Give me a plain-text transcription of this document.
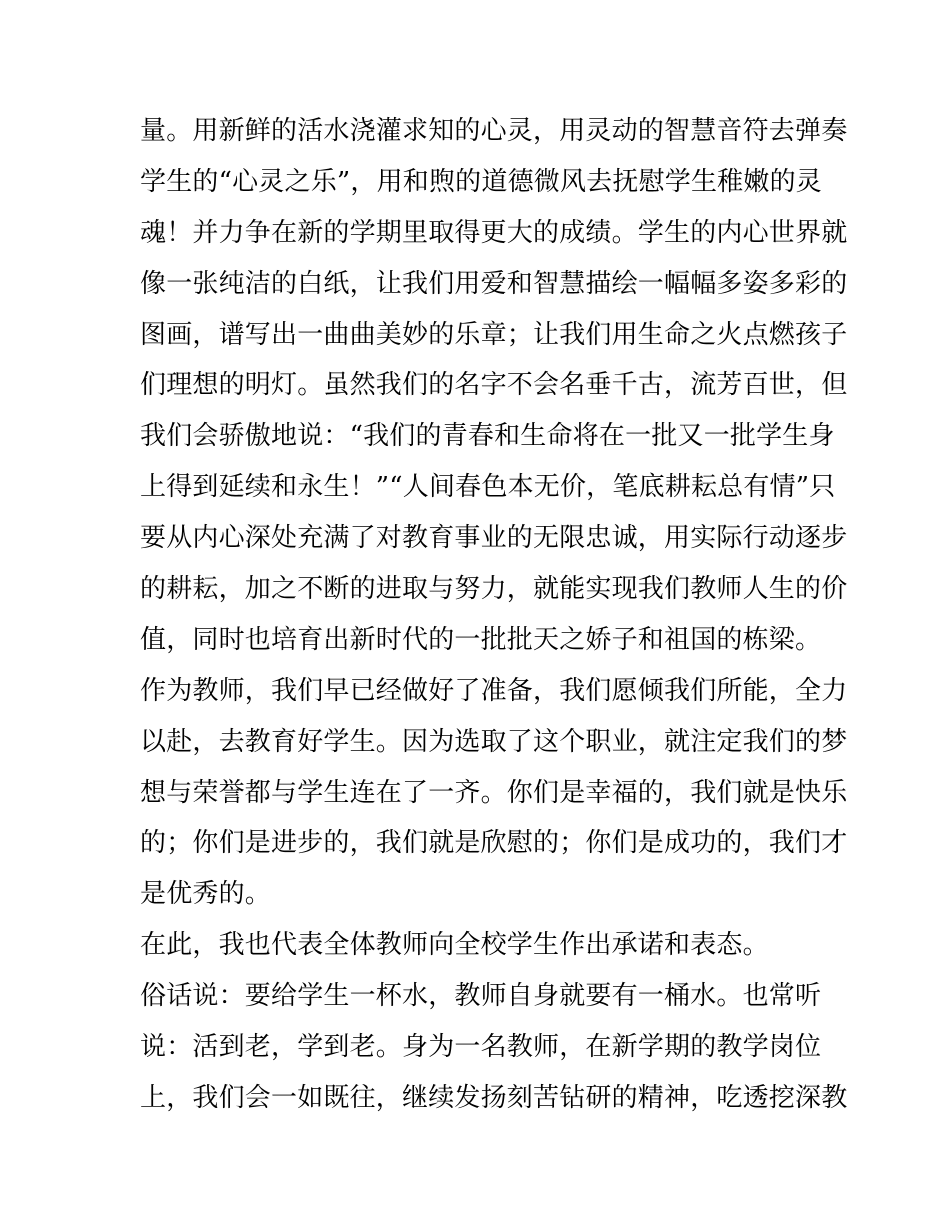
量。用新鲜的活水浇灌求知的心灵，用灵动的智慧音符去弹奏
学生的“心灵之乐”，用和煦的道德微风去抚慰学生稚嫩的灵
魂！并力争在新的学期里取得更大的成绩。学生的内心世界就
像一张纯洁的白纸，让我们用爱和智慧描绘一幅幅多姿多彩的
图画，谱写出一曲曲美妙的乐章；让我们用生命之火点燃孩子
们理想的明灯。虽然我们的名字不会名垂千古，流芳百世，但
我们会骄傲地说：“我们的青春和生命将在一批又一批学生身
上得到延续和永生！”“人间春色本无价，笔底耕耘总有情”只
要从内心深处充满了对教育事业的无限忠诚，用实际行动逐步
的耕耘，加之不断的进取与努力，就能实现我们教师人生的价
值，同时也培育出新时代的一批批天之娇子和祖国的栋梁。
作为教师，我们早已经做好了准备，我们愿倾我们所能，全力
以赴，去教育好学生。因为选取了这个职业，就注定我们的梦
想与荣誉都与学生连在了一齐。你们是幸福的，我们就是快乐
的；你们是进步的，我们就是欣慰的；你们是成功的，我们才
是优秀的。
在此，我也代表全体教师向全校学生作出承诺和表态。
俗话说：要给学生一杯水，教师自身就要有一桶水。也常听
说：活到老，学到老。身为一名教师，在新学期的教学岗位
上，我们会一如既往，继续发扬刻苦钻研的精神，吃透挖深教
